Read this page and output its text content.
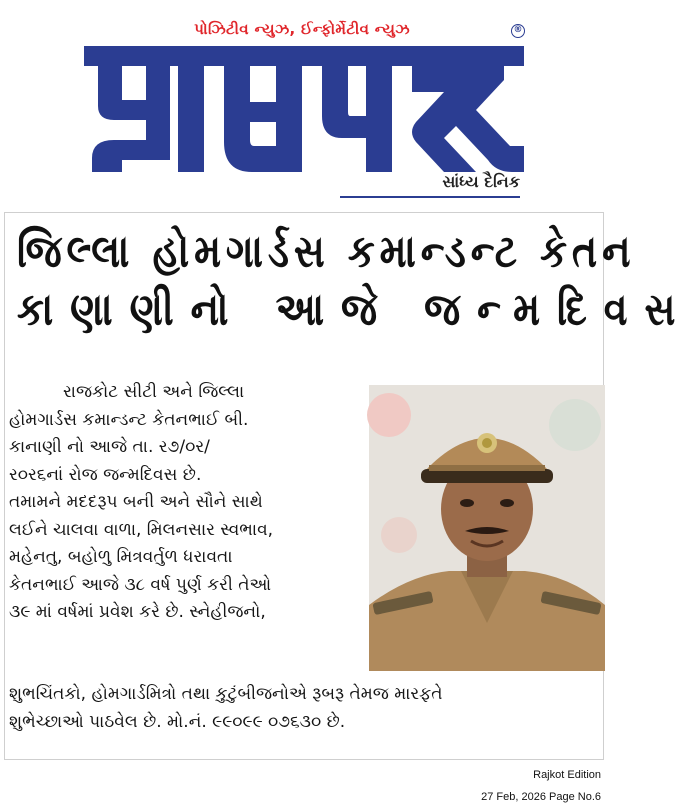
પોઝિટીવ ન્યુઝ, ઈન્ફોર્મેટીવ ન્યુઝ	®
સાંધ્ય દૈનિક
જિલ્લા હોમગાર્ડસ કમાન્ડન્ટ કેતન
કાણાણીનો આજે જન્મદિવસ
રાજકોટ સીટી અને જિલ્લા
હોમગાર્ડસ કમાન્ડન્ટ કેતનભાઈ બી.
કાનાણી નો આજે તા. ર૭/૦ર/
ર૦ર૬નાં રોજ જન્મદિવસ છે.
તમામને મદદરૂપ બની અને સૌને સાથે
લઈને ચાલવા વાળા, મિલનસાર સ્વભાવ,
મહેનતુ, બહોળુ મિત્રવર્તુળ ધરાવતા
કેતનભાઈ આજે ૩૮ વર્ષ પુર્ણ કરી તેઓ
૩૯ માં વર્ષમાં પ્રવેશ કરે છે. સ્નેહીજનો,
શુભચિંતકો, હોમગાર્ડમિત્રો તથા કુટુંબીજનોએ રૂબરૂ તેમજ મારફતે
શુભેચ્છાઓ પાઠવેલ છે. મો.નં. ૯૯૦૯૯ ૦૭૬૩૦ છે.
Rajkot Edition
27 Feb, 2026 Page No.6
